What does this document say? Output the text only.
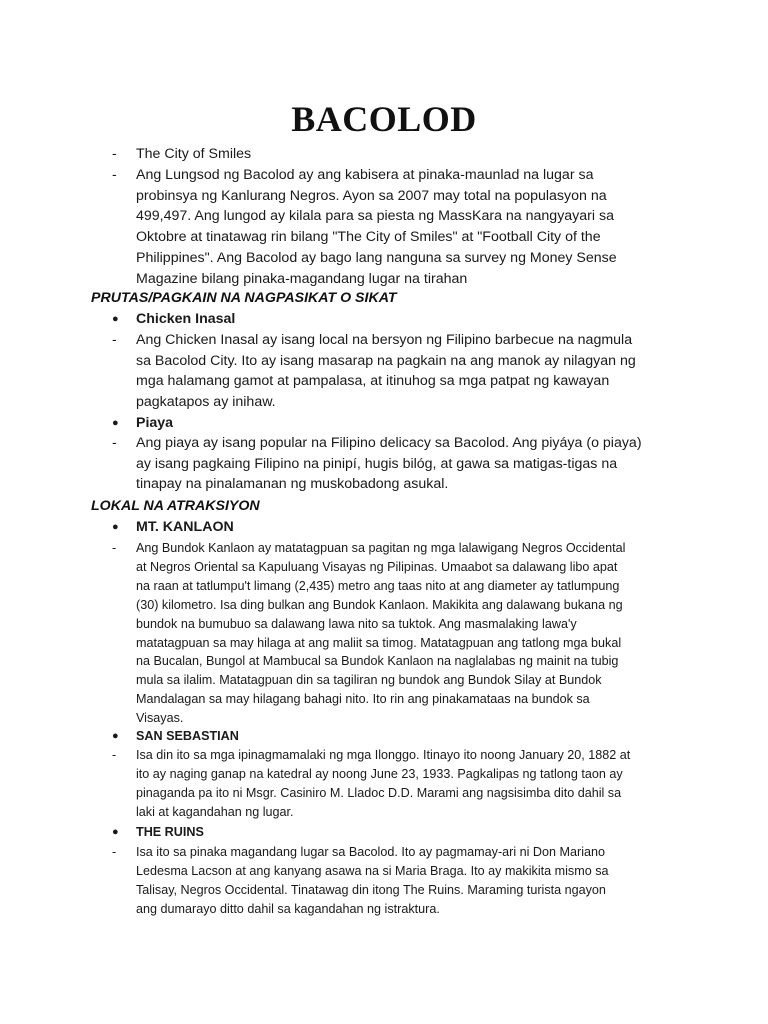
BACOLOD
-	The City of Smiles
-	Ang Lungsod ng Bacolod ay ang kabisera at pinaka-maunlad na lugar sa
probinsya ng Kanlurang Negros. Ayon sa 2007 may total na populasyon na
499,497. Ang lungod ay kilala para sa piesta ng MassKara na nangyayari sa
Oktobre at tinatawag rin bilang "The City of Smiles" at "Football City of the
Philippines". Ang Bacolod ay bago lang nanguna sa survey ng Money Sense
Magazine bilang pinaka-magandang lugar na tirahan
PRUTAS/PAGKAIN NA NAGPASIKAT O SIKAT
●	Chicken Inasal
-	Ang Chicken Inasal ay isang local na bersyon ng Filipino barbecue na nagmula
sa Bacolod City. Ito ay isang masarap na pagkain na ang manok ay nilagyan ng
mga halamang gamot at pampalasa, at itinuhog sa mga patpat ng kawayan
pagkatapos ay inihaw.
●	Piaya
-	Ang piaya ay isang popular na Filipino delicacy sa Bacolod. Ang piyáya (o piaya)
ay isang pagkaing Filipino na pinipí, hugis bilóg, at gawa sa matigas-tigas na
tinapay na pinalamanan ng muskobadong asukal.
LOKAL NA ATRAKSIYON
●	MT. KANLAON
-	Ang Bundok Kanlaon ay matatagpuan sa pagitan ng mga lalawigang Negros Occidental
at Negros Oriental sa Kapuluang Visayas ng Pilipinas. Umaabot sa dalawang libo apat
na raan at tatlumpu't limang (2,435) metro ang taas nito at ang diameter ay tatlumpung
(30) kilometro. Isa ding bulkan ang Bundok Kanlaon. Makikita ang dalawang bukana ng
bundok na bumubuo sa dalawang lawa nito sa tuktok. Ang masmalaking lawa'y
matatagpuan sa may hilaga at ang maliit sa timog. Matatagpuan ang tatlong mga bukal
na Bucalan, Bungol at Mambucal sa Bundok Kanlaon na naglalabas ng mainit na tubig
mula sa ilalim. Matatagpuan din sa tagiliran ng bundok ang Bundok Silay at Bundok
Mandalagan sa may hilagang bahagi nito. Ito rin ang pinakamataas na bundok sa
Visayas.
●	SAN SEBASTIAN
-	Isa din ito sa mga ipinagmamalaki ng mga Ilonggo. Itinayo ito noong January 20, 1882 at
ito ay naging ganap na katedral ay noong June 23, 1933. Pagkalipas ng tatlong taon ay
pinaganda pa ito ni Msgr. Casiniro M. Lladoc D.D. Marami ang nagsisimba dito dahil sa
laki at kagandahan ng lugar.
●	THE RUINS
-	Isa ito sa pinaka magandang lugar sa Bacolod. Ito ay pagmamay-ari ni Don Mariano
Ledesma Lacson at ang kanyang asawa na si Maria Braga. Ito ay makikita mismo sa
Talisay, Negros Occidental. Tinatawag din itong The Ruins. Maraming turista ngayon
ang dumarayo ditto dahil sa kagandahan ng istraktura.
